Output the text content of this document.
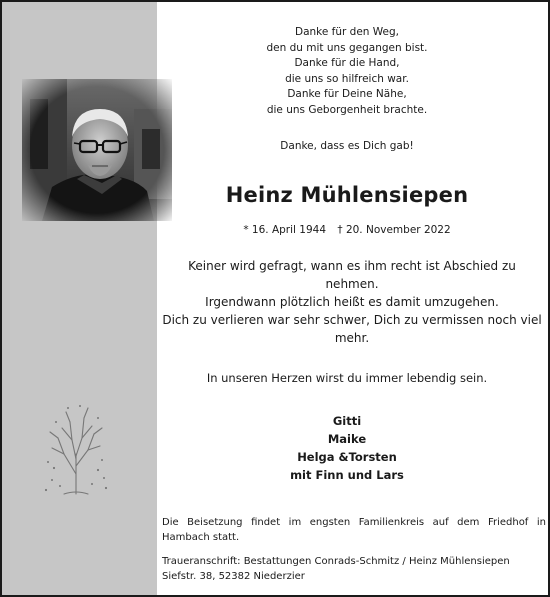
Danke für den Weg,

den du mit uns gegangen bist.

Danke für die Hand,

die uns so hilfreich war.

Danke für Deine Nähe,

die uns Geborgenheit brachte.

Danke, dass es Dich gab!
Heinz Mühlensiepen
* 16. April 1944 † 20. November 2022
Keiner wird gefragt, wann es ihm recht ist Abschied zu
nehmen.
Irgendwann plötzlich heißt es damit umzugehen.
Dich zu verlieren war sehr schwer, Dich zu vermissen noch viel
mehr.
In unseren Herzen wirst du immer lebendig sein.
Gitti
Maike
Helga &Torsten
mit Finn und Lars
Die Beisetzung findet im engsten Familienkreis auf dem Friedhof in Hambach statt.
Traueranschrift: Bestattungen Conrads-Schmitz / Heinz Mühlensiepen
Siefstr. 38, 52382 Niederzier
